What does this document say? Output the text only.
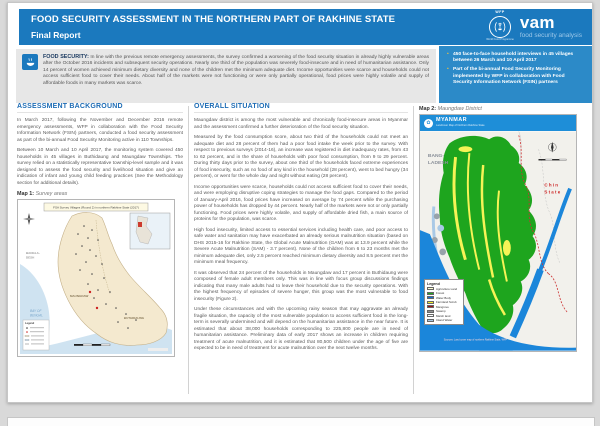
FOOD SECURITY ASSESSMENT IN THE NORTHERN PART OF RAKHINE STATE
Final Report
WFP
World Food Programme
vam
food security analysis
FOOD SECURITY: In line with the previous remote emergency assessments, the survey confirmed a worsening of the food security situation in already highly vulnerable areas after the October 2016 incidents and subsequent security operations. Nearly one third of the population was severely food-insecure and in need of humanitarian assistance. Only 14 percent of women achieved minimum dietary diversity and none of the children met the minimum adequate diet. Income opportunities were scarce and households could not access sufficient food to cover their needs. About half of the markets were not functioning or were only partially operational, food prices were highly volatile and supply of affordable foods in many markets was scarce.
• 450 face-to-face household interviews in 45 villages between 26 March and 10 April 2017
• Part of the bi-annual Food Security Monitoring implemented by WFP in collaboration with Food Security Information Network (FSIN) partners
ASSESSMENT BACKGROUND

In March 2017, following the November and December 2016 remote emergency assessments, WFP in collaboration with the Food Security Information Network (FSIN) partners, conducted a food security assessment as part of the bi-annual Food Security Monitoring active in 110 Townships.

Between 10 March and 10 April 2017, the monitoring system covered 450 households in 45 villages in Buthidaung and Maungdaw Townships. The survey relied on a statistically representative township-level sample and it was designed to assess the food security and livelihood situation and give an indication of infant and young child feeding practices (See the Methodology section for additional details).

Map 1: Survey areas
FSA Survey Villages (Round 2) in northern Rakhine State (2017)
BANGLA-
DESH
BAY OF
BENGAL
MAUNGDAW
BUTHIDAUNG
Legend
OVERALL SITUATION

Maungdaw district is among the most vulnerable and chronically food-insecure areas in Myanmar and the assessment confirmed a further deterioration of the food security situation.

Measured by the food consumption score, about two third of the households could not meet an adequate diet and 28 percent of them had a poor food intake the week prior to the survey. With respect to previous surveys (2014-16), an increase was registered in diet inadequacy rates, from 43 to 62 percent, and in the share of households with poor food consumption, from 9 to 29 percent. During thirty days prior to the survey, about one third of the households faced extreme experiences of food insecurity, such as no food of any kind in the household (28 percent), went to bed hungry (34 percent), or went for the whole day and night without eating (28 percent).

Income opportunities were scarce, households could not access sufficient food to cover their needs, and were employing disruptive coping strategies to manage the food gaps. Compared to the period of January-April 2016, food prices have increased on average by 74 percent while the purchasing power of households has dropped by 44 percent. Nearly half of the markets were not or only partially functioning. Food prices were highly volatile, and supply of affordable dried fish, a main source of proteins for the population, was scarce.

High food insecurity, limited access to essential services including health care, and poor access to safe water and sanitation may have exacerbated an already serious malnutrition situation (based on DHS 2015-16 for Rakhine State, the Global Acute Malnutrition (GAM) was at 13.9 percent while the Severe Acute Malnutrition (SAM) - 3.7 percent). None of the children from 6 to 23 months met the minimum adequate diet, only 2.5 percent reached minimum dietary diversity and 8.5 percent met the minimum meal frequency.

It was observed that 24 percent of the households in Maungdaw and 17 percent in Buthidaung were composed of female adult members only. This was in line with focus group discussions findings indicating that many male adults had to leave their household due to the security operations. With the highest frequency of episodes of severe hunger, this group was the most vulnerable to food insecurity (Figure 2).

Under these circumstances and with the upcoming rainy season that may aggravate an already fragile situation, the capacity of the most vulnerable population to access sufficient food in the long-term is severally undermined and will depend on the humanitarian assistance in the near future. It is estimated that about 38,000 households corresponding to 225,800 people are in need of humanitarian assistance. Preliminary data of early 2017 shows an increase in children requiring treatment of acute malnutrition, and it is estimated that 80,500 children under the age of five are expected to be in need of treatment for acute malnutrition over the next twelve months.

Map 2: Maungdaw District
✿ MYANMAR
Landcover Map of Northern Rakhine State
BANG-
LADESH
C h i n
S t a t e
Sources: Land cover map of northern Rakhine State, WFP
Legend
Agriculture Land
Forest
Water Body
Farmland Scrub
Mangrove
Swamp
Marsh land
Inland Water
